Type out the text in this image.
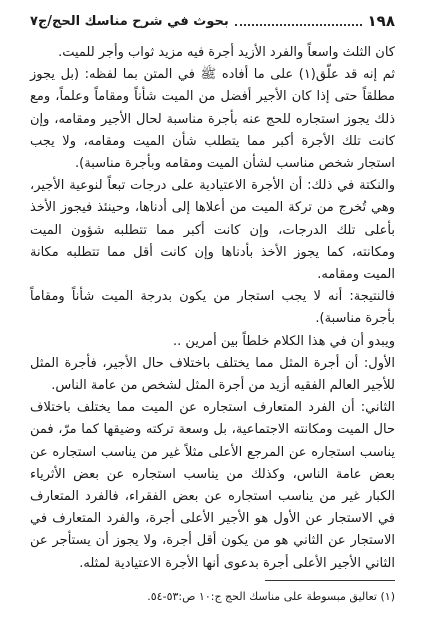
١٩٨
بحوث في شرح مناسك الحج/ج٧

كان الثلث واسعاً والفرد الأزيد أجرة فيه مزيد ثواب وأجر للميت.

ثم إنه قد علّق(١) على ما أفاده ﷺ في المتن بما لفظه: (بل يجوز مطلقاً حتى إذا كان الأجير أفضل من الميت شأناً ومقاماً وعلماً، ومع ذلك يجوز استجاره للحج عنه بأجرة مناسبة لحال الأجير ومقامه، وإن كانت تلك الأجرة أكبر مما يتطلب شأن الميت ومقامه، ولا يجب استجار شخص مناسب لشأن الميت ومقامه وبأجرة مناسبة).

والنكتة في ذلك: أن الأجرة الاعتيادية على درجات تبعاً لنوعية الأجير، وهي تُخرج من تركة الميت من أعلاها إلى أدناها، وحينئذ فيجوز الأخذ بأعلى تلك الدرجات، وإن كانت أكبر مما تتطلبه شؤون الميت ومكانته، كما يجوز الأخذ بأدناها وإن كانت أقل مما تتطلبه مكانة الميت ومقامه.

فالنتيجة: أنه لا يجب استجار من يكون بدرجة الميت شأناً ومقاماً بأجرة مناسبة).

ويبدو أن في هذا الكلام خلطاً بين أمرين ..

الأول: أن أجرة المثل مما يختلف باختلاف حال الأجير، فأجرة المثل للأجير العالم الفقيه أزيد من أجرة المثل لشخص من عامة الناس.

الثاني: أن الفرد المتعارف استجاره عن الميت مما يختلف باختلاف حال الميت ومكانته الاجتماعية، بل وسعة تركته وضيقها كما مرّ، فمن يناسب استجاره عن المرجع الأعلى مثلاً غير من يناسب استجاره عن بعض عامة الناس، وكذلك من يناسب استجاره عن بعض الأثرياء الكبار غير من يناسب استجاره عن بعض الفقراء، فالفرد المتعارف في الاستجار عن الأول هو الأجير الأعلى أجرة، والفرد المتعارف في الاستجار عن الثاني هو من يكون أقل أجرة، ولا يجوز أن يستأجر عن الثاني الأجير الأعلى أجرة بدعوى أنها الأجرة الاعتيادية لمثله.

(١) تعاليق مبسوطة على مناسك الحج ج:١٠ ص:٥٣-٥٤.
